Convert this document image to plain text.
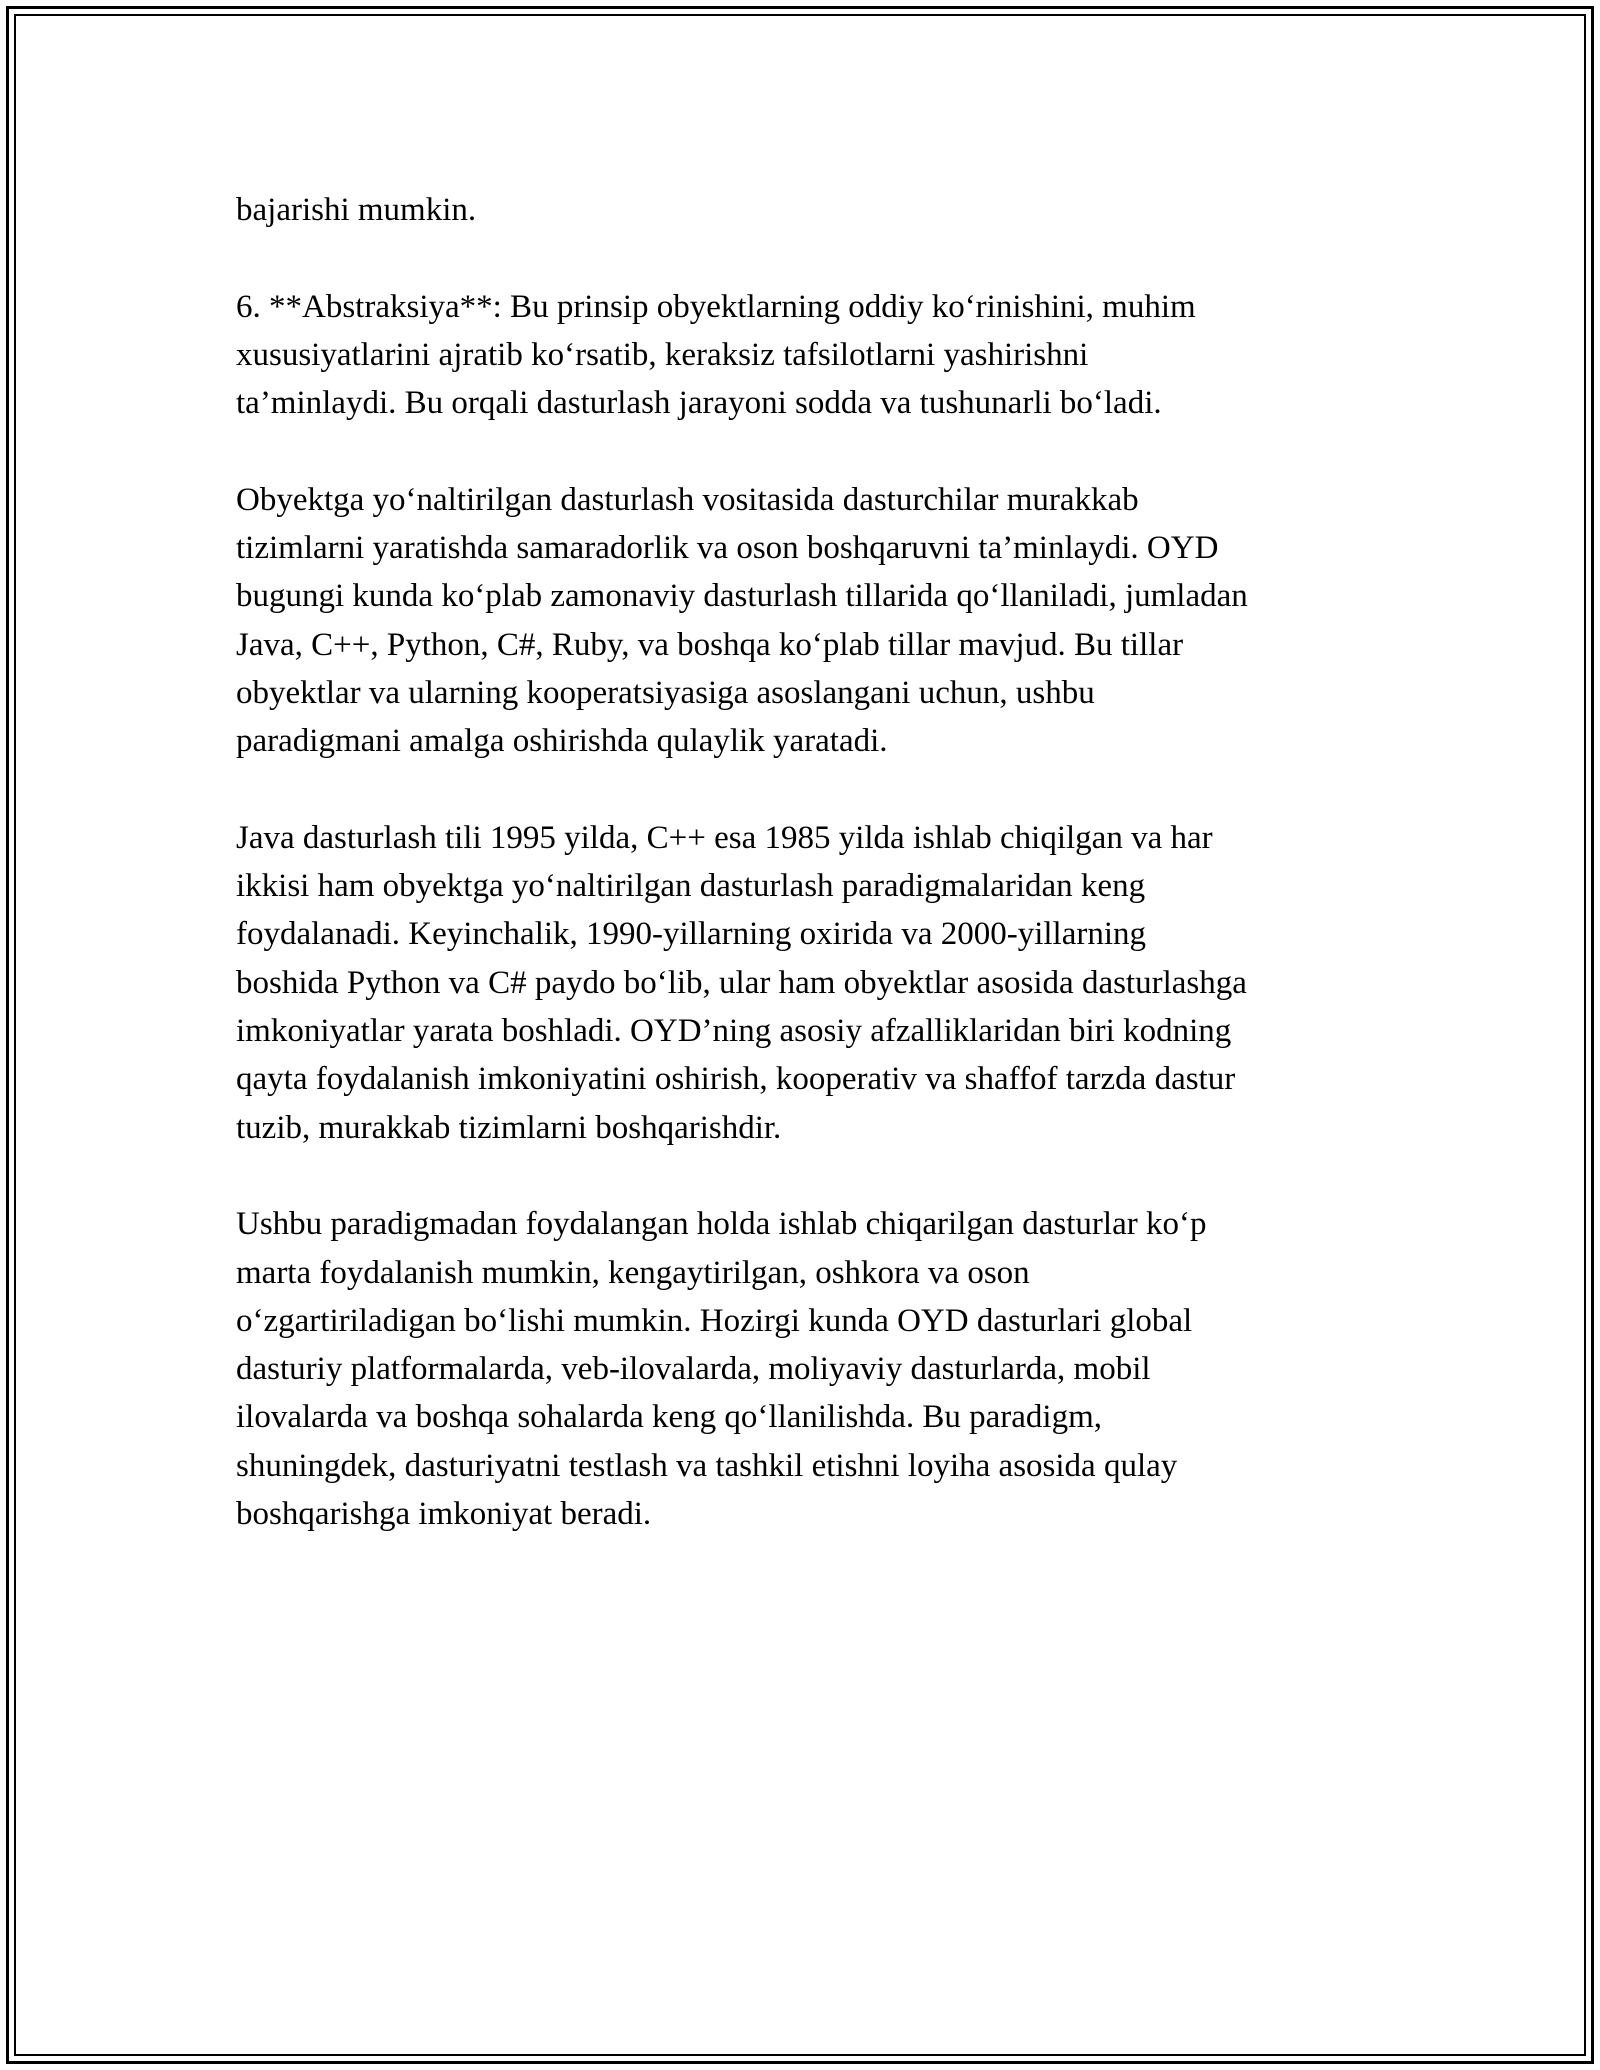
bajarishi mumkin.
6. **Abstraksiya**: Bu prinsip obyektlarning oddiy ko‘rinishini, muhim
xususiyatlarini ajratib ko‘rsatib, keraksiz tafsilotlarni yashirishni
ta’minlaydi. Bu orqali dasturlash jarayoni sodda va tushunarli bo‘ladi.
Obyektga yo‘naltirilgan dasturlash vositasida dasturchilar murakkab
tizimlarni yaratishda samaradorlik va oson boshqaruvni ta’minlaydi. OYD
bugungi kunda ko‘plab zamonaviy dasturlash tillarida qo‘llaniladi, jumladan
Java, C++, Python, C#, Ruby, va boshqa ko‘plab tillar mavjud. Bu tillar
obyektlar va ularning kooperatsiyasiga asoslangani uchun, ushbu
paradigmani amalga oshirishda qulaylik yaratadi.
Java dasturlash tili 1995 yilda, C++ esa 1985 yilda ishlab chiqilgan va har
ikkisi ham obyektga yo‘naltirilgan dasturlash paradigmalaridan keng
foydalanadi. Keyinchalik, 1990-yillarning oxirida va 2000-yillarning
boshida Python va C# paydo bo‘lib, ular ham obyektlar asosida dasturlashga
imkoniyatlar yarata boshladi. OYD’ning asosiy afzalliklaridan biri kodning
qayta foydalanish imkoniyatini oshirish, kooperativ va shaffof tarzda dastur
tuzib, murakkab tizimlarni boshqarishdir.
Ushbu paradigmadan foydalangan holda ishlab chiqarilgan dasturlar ko‘p
marta foydalanish mumkin, kengaytirilgan, oshkora va oson
o‘zgartiriladigan bo‘lishi mumkin. Hozirgi kunda OYD dasturlari global
dasturiy platformalarda, veb-ilovalarda, moliyaviy dasturlarda, mobil
ilovalarda va boshqa sohalarda keng qo‘llanilishda. Bu paradigm,
shuningdek, dasturiyatni testlash va tashkil etishni loyiha asosida qulay
boshqarishga imkoniyat beradi.
